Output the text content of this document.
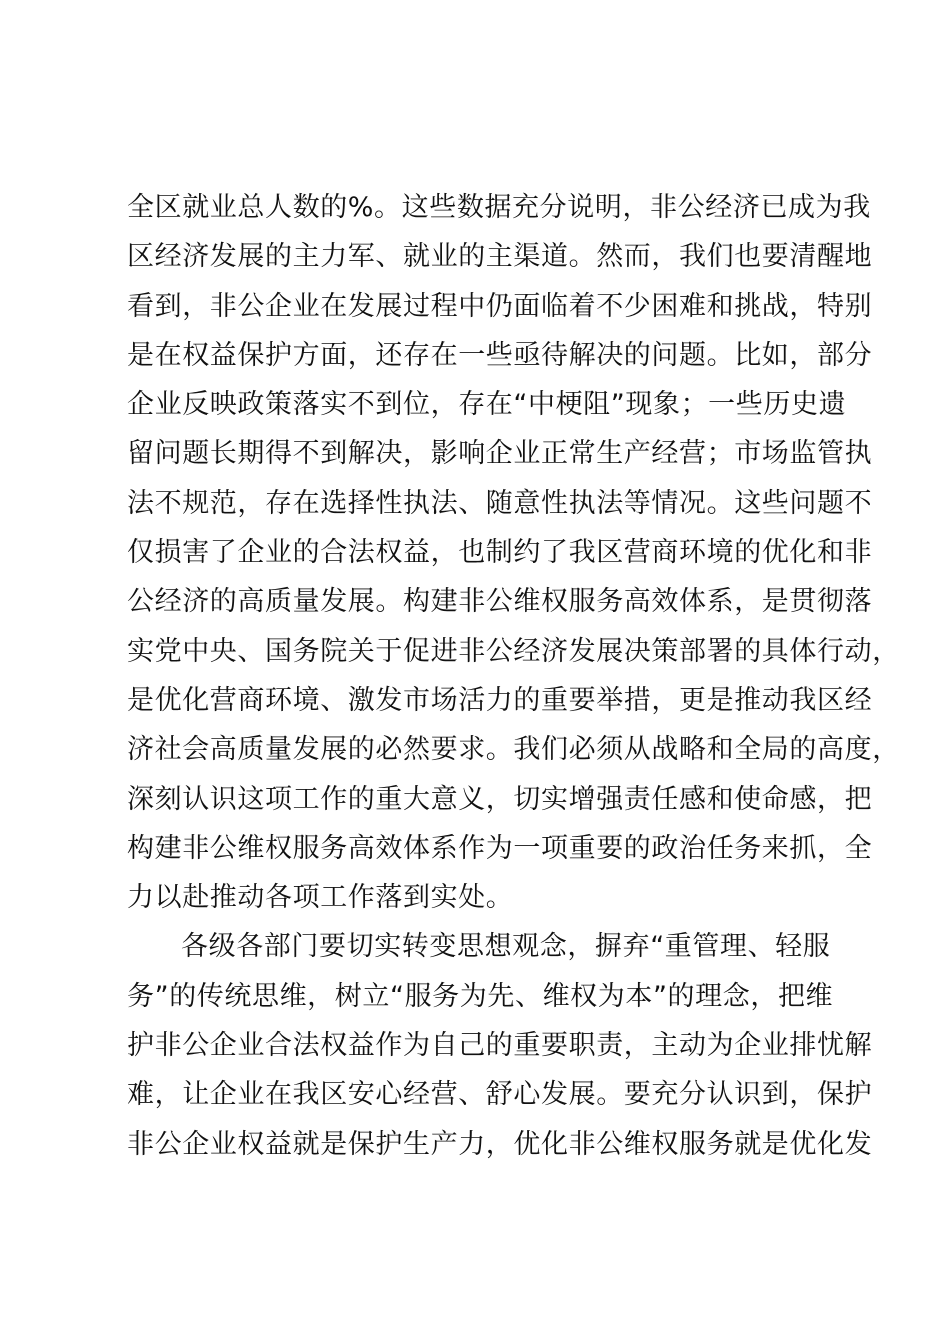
全区就业总人数的%。这些数据充分说明，非公经济已成为我
区经济发展的主力军、就业的主渠道。然而，我们也要清醒地
看到，非公企业在发展过程中仍面临着不少困难和挑战，特别
是在权益保护方面，还存在一些亟待解决的问题。比如，部分
企业反映政策落实不到位，存在“中梗阻”现象；一些历史遗
留问题长期得不到解决，影响企业正常生产经营；市场监管执
法不规范，存在选择性执法、随意性执法等情况。这些问题不
仅损害了企业的合法权益，也制约了我区营商环境的优化和非
公经济的高质量发展。构建非公维权服务高效体系，是贯彻落
实党中央、国务院关于促进非公经济发展决策部署的具体行动，
是优化营商环境、激发市场活力的重要举措，更是推动我区经
济社会高质量发展的必然要求。我们必须从战略和全局的高度，
深刻认识这项工作的重大意义，切实增强责任感和使命感，把
构建非公维权服务高效体系作为一项重要的政治任务来抓，全
力以赴推动各项工作落到实处。
各级各部门要切实转变思想观念，摒弃“重管理、轻服
务”的传统思维，树立“服务为先、维权为本”的理念，把维
护非公企业合法权益作为自己的重要职责，主动为企业排忧解
难，让企业在我区安心经营、舒心发展。要充分认识到，保护
非公企业权益就是保护生产力，优化非公维权服务就是优化发
